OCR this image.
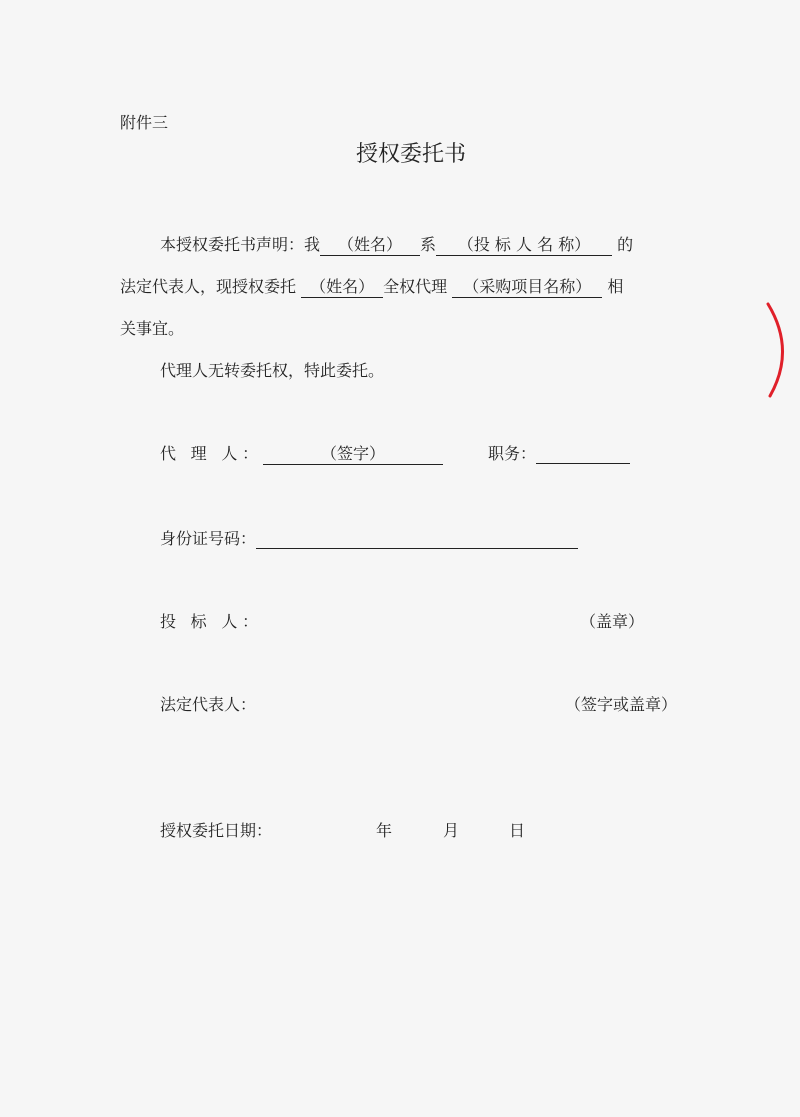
附件三
授权委托书
本授权委托书声明：我 （姓名） 系 （投 标 人 名 称） 的
法定代表人，现授权委托 （姓名） 全权代理 （采购项目名称） 相
关事宜。
代理人无转委托权，特此委托。
代 理 人：	（签字）	职务：
身份证号码：
投 标 人：	（盖章）
法定代表人：	（签字或盖章）
授权委托日期：	年	月	日
